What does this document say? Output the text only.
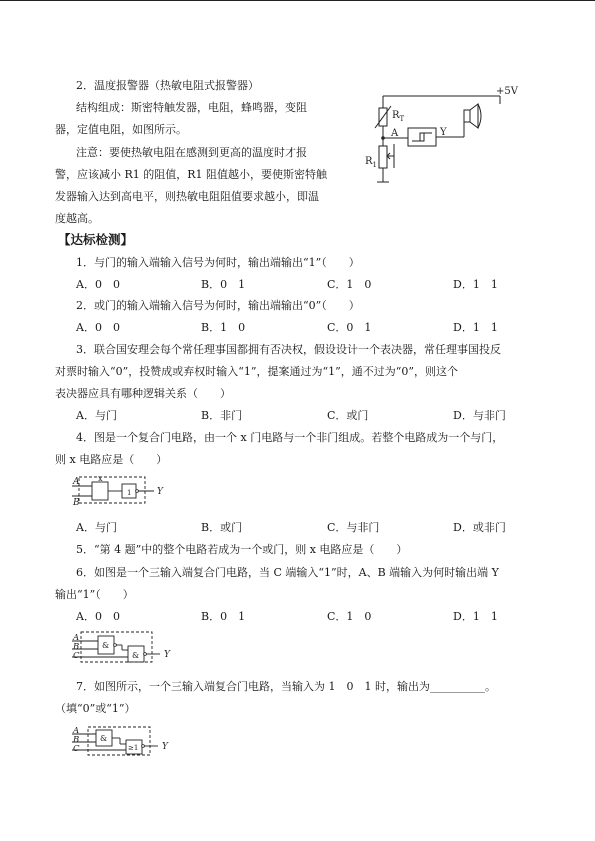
2．温度报警器（热敏电阻式报警器）
结构组成：斯密特触发器，电阻，蜂鸣器，变阻
器，定值电阻，如图所示。
注意：要使热敏电阻在感测到更高的温度时才报
警，应该减小 R1 的阻值，R1 阻值越小，要使斯密特触
发器输入达到高电平，则热敏电阻阻值要求越小，即温
度越高。
+5V
$R_T$
$R_1$
A	Y
【达标检测】
1．与门的输入端输入信号为何时，输出端输出“1”（　　）
A．0　0	B．0　1	C．1　0	D．1　1
2．或门的输入端输入信号为何时，输出端输出“0”（　　）
A．0　0	B．1　0	C．0　1	D．1　1
3．联合国安理会每个常任理事国都拥有否决权，假设设计一个表决器，常任理事国投反
对票时输入“0”，投赞成或弃权时输入“1”，提案通过为“1”，通不过为“0”，则这个
表决器应具有哪种逻辑关系（　　）
A．与门	B．非门	C．或门	D．与非门
4．图是一个复合门电路，由一个 x 门电路与一个非门组成。若整个电路成为一个与门，
则 x 电路应是（　　）
A
B
x
1	Y
A．与门	B．或门	C．与非门	D．或非门
5．“第 4 题”中的整个电路若成为一个或门，则 x 电路应是（　　）
6．如图是一个三输入端复合门电路，当 C 端输入“1”时，A、B 端输入为何时输出端 Y
输出“1”（　　）
A．0　0	B．0　1	C．1　0	D．1　1
A
B
C
&
&	Y
7．如图所示，一个三输入端复合门电路，当输入为 1　0　1 时，输出为__________。
（填“0”或“1”）
A
B
C
&
≥1	Y
